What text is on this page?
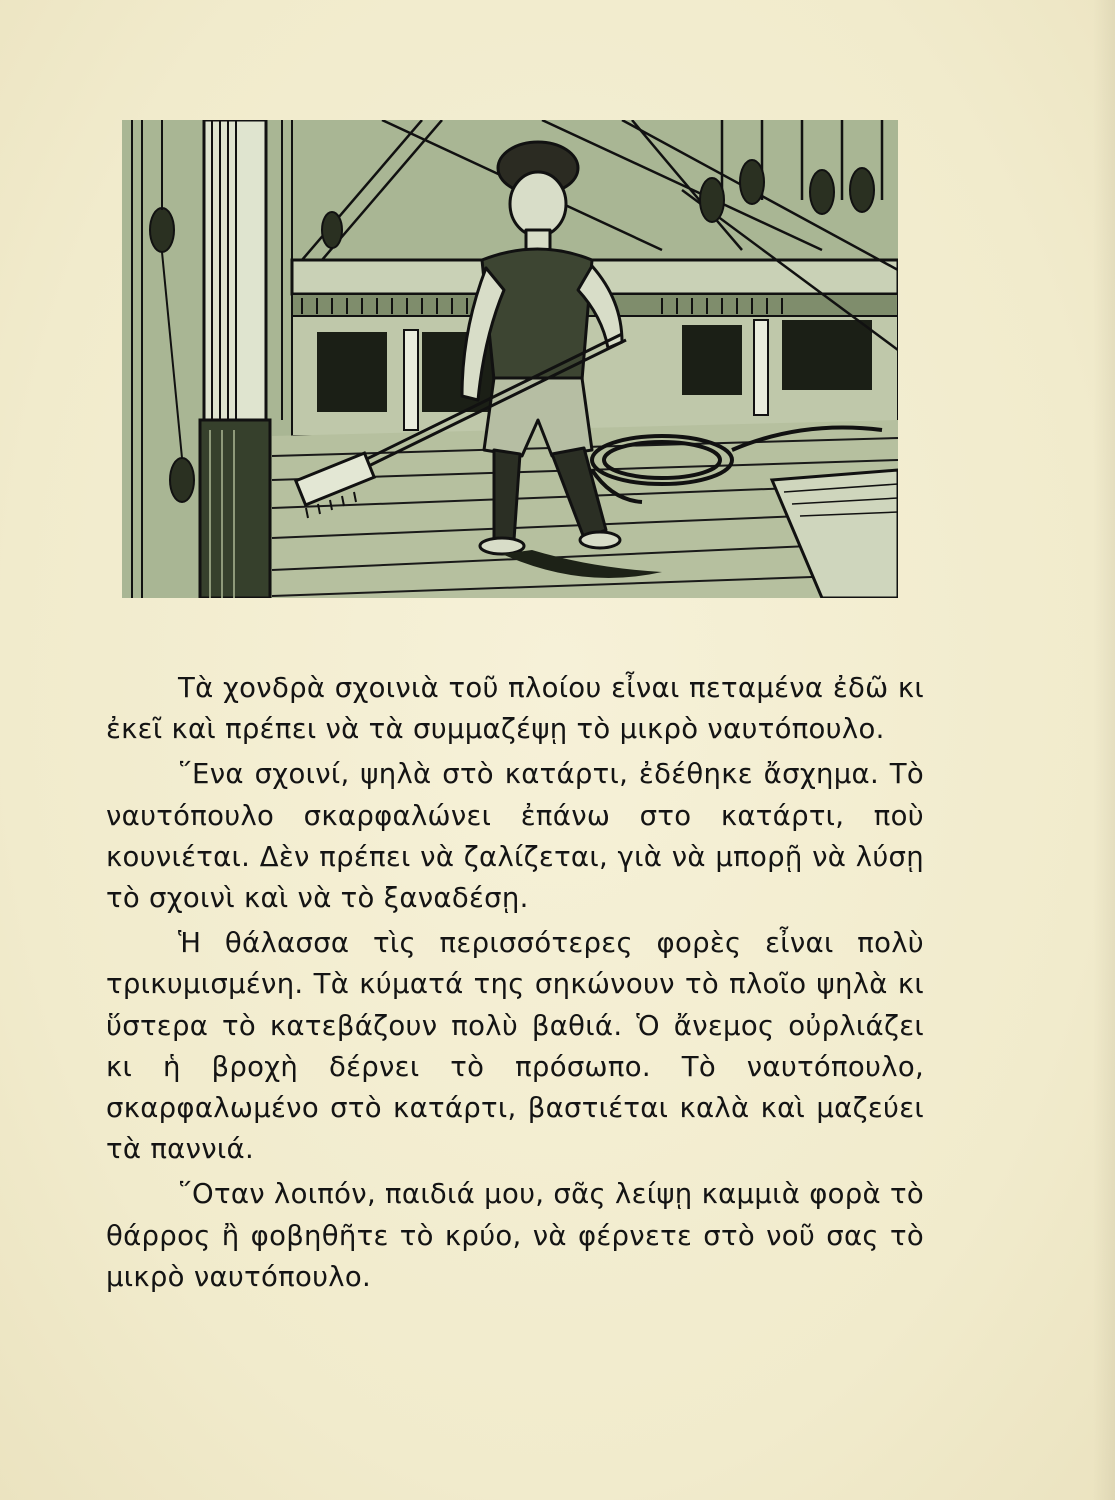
Τὰ χονδρὰ σχοινιὰ τοῦ πλοίου εἶναι πεταμένα ἐδῶ κι ἐκεῖ καὶ πρέπει νὰ τὰ συμμαζέψῃ τὸ μικρὸ ναυτόπουλο.

῞Ενα σχοινί, ψηλὰ στὸ κατάρτι, ἐδέθηκε ἄσχημα. Τὸ ναυτόπουλο σκαρφαλώνει ἐπάνω στο κατάρτι, ποὺ κουνιέται. Δὲν πρέπει νὰ ζαλίζεται, γιὰ νὰ μπορῇ νὰ λύσῃ τὸ σχοινὶ καὶ νὰ τὸ ξαναδέσῃ.

Ἡ θάλασσα τὶς περισσότερες φορὲς εἶναι πολὺ τρικυμισμένη. Τὰ κύματά της σηκώνουν τὸ πλοῖο ψηλὰ κι ὕστερα τὸ κατεβάζουν πολὺ βαθιά. Ὁ ἄνεμος οὐρλιάζει κι ἡ βροχὴ δέρνει τὸ πρόσωπο. Τὸ ναυτόπουλο, σκαρφαλωμένο στὸ κατάρτι, βαστιέται καλὰ καὶ μαζεύει τὰ παννιά.

῞Οταν λοιπόν, παιδιά μου, σᾶς λείψῃ καμμιὰ φορὰ τὸ θάρρος ἢ φοβηθῆτε τὸ κρύο, νὰ φέρνετε στὸ νοῦ σας τὸ μικρὸ ναυτόπουλο.
